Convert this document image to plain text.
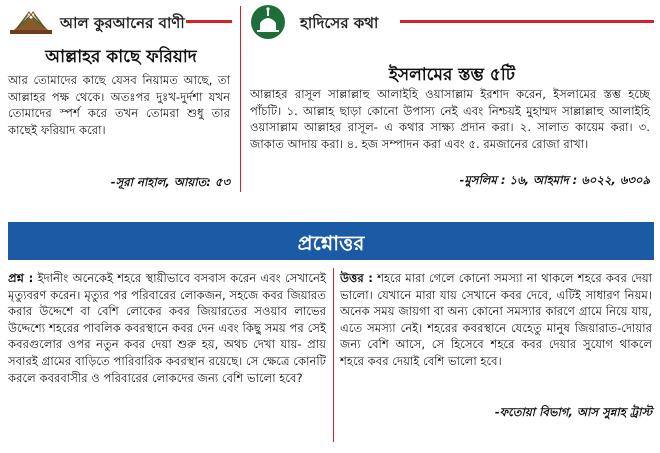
আল কুরআনের বাণী
আল্লাহর কাছে ফরিয়াদ
আর তোমাদের কাছে যেসব নিয়ামত আছে, তা আল্লাহর পক্ষ থেকে। অতঃপর দুঃখ-দুর্দশা যখন তোমাদের স্পর্শ করে তখন তোমরা শুধু তার কাছেই ফরিয়াদ করো।
-সূরা নাহাল, আয়াত: ৫৩
হাদিসের কথা
ইসলামের স্তম্ভ ৫টি
আল্লাহর রাসূল সাল্লাল্লাহু আলাইহি ওয়াসাল্লাম ইরশাদ করেন, ইসলামের স্তম্ভ হচ্ছে পাঁচটি। ১. আল্লাহ ছাড়া কোনো উপাস্য নেই এবং নিশ্চয়ই মুহাম্মদ সাল্লাল্লাহু আলাইহি ওয়াসাল্লাম আল্লাহর রাসূল- এ কথার সাক্ষ্য প্রদান করা। ২. সালাত কায়েম করা। ৩. জাকাত আদায় করা। ৪. হজ সম্পাদন করা এবং ৫. রমজানের রোজা রাখা।
-মুসলিম : ১৬, আহমাদ : ৬০২২, ৬৩০৯
প্রশ্নোত্তর
প্রশ্ন : ইদানীং অনেকেই শহরে স্থায়ীভাবে বসবাস করেন এবং সেখানেই মৃত্যুবরণ করেন। মৃত্যুর পর পরিবারের লোকজন, সহজে কবর জিয়ারত করার উদ্দেশে বা বেশি লোকের কবর জিয়ারতের সওয়াব লাভের উদ্দেশ্যে শহরের পাবলিক কবরস্থানে কবর দেন এবং কিছু সময় পর সেই কবরগুলোর ওপর নতুন কবর দেয়া শুরু হয়, অথচ দেখা যায়- প্রায় সবারই গ্রামের বাড়িতে পারিবারিক কবরস্থান রয়েছে। সে ক্ষেত্রে কোনটি করলে কবরবাসীর ও পরিবারের লোকদের জন্য বেশি ভালো হবে?
উত্তর : শহরে মারা গেলে কোনো সমস্যা না থাকলে শহরে কবর দেয়া ভালো। যেখানে মারা যায় সেখানে কবর দেবে, এটিই সাধারণ নিয়ম। অনেক সময় জায়গা বা অন্য কোনো সমস্যার কারণে গ্রামে নিয়ে যায়, এতে সমস্যা নেই। শহরের কবরস্থানে যেহেতু মানুষ জিয়ারাত-দোয়ার জন্য বেশি আসে, সে হিসেবে শহরে কবর দেয়ার সুযোগ থাকলে শহরে কবর দেয়াই বেশি ভালো হবে।
-ফতোয়া বিভাগ, আস সুন্নাহ ট্রাস্ট
